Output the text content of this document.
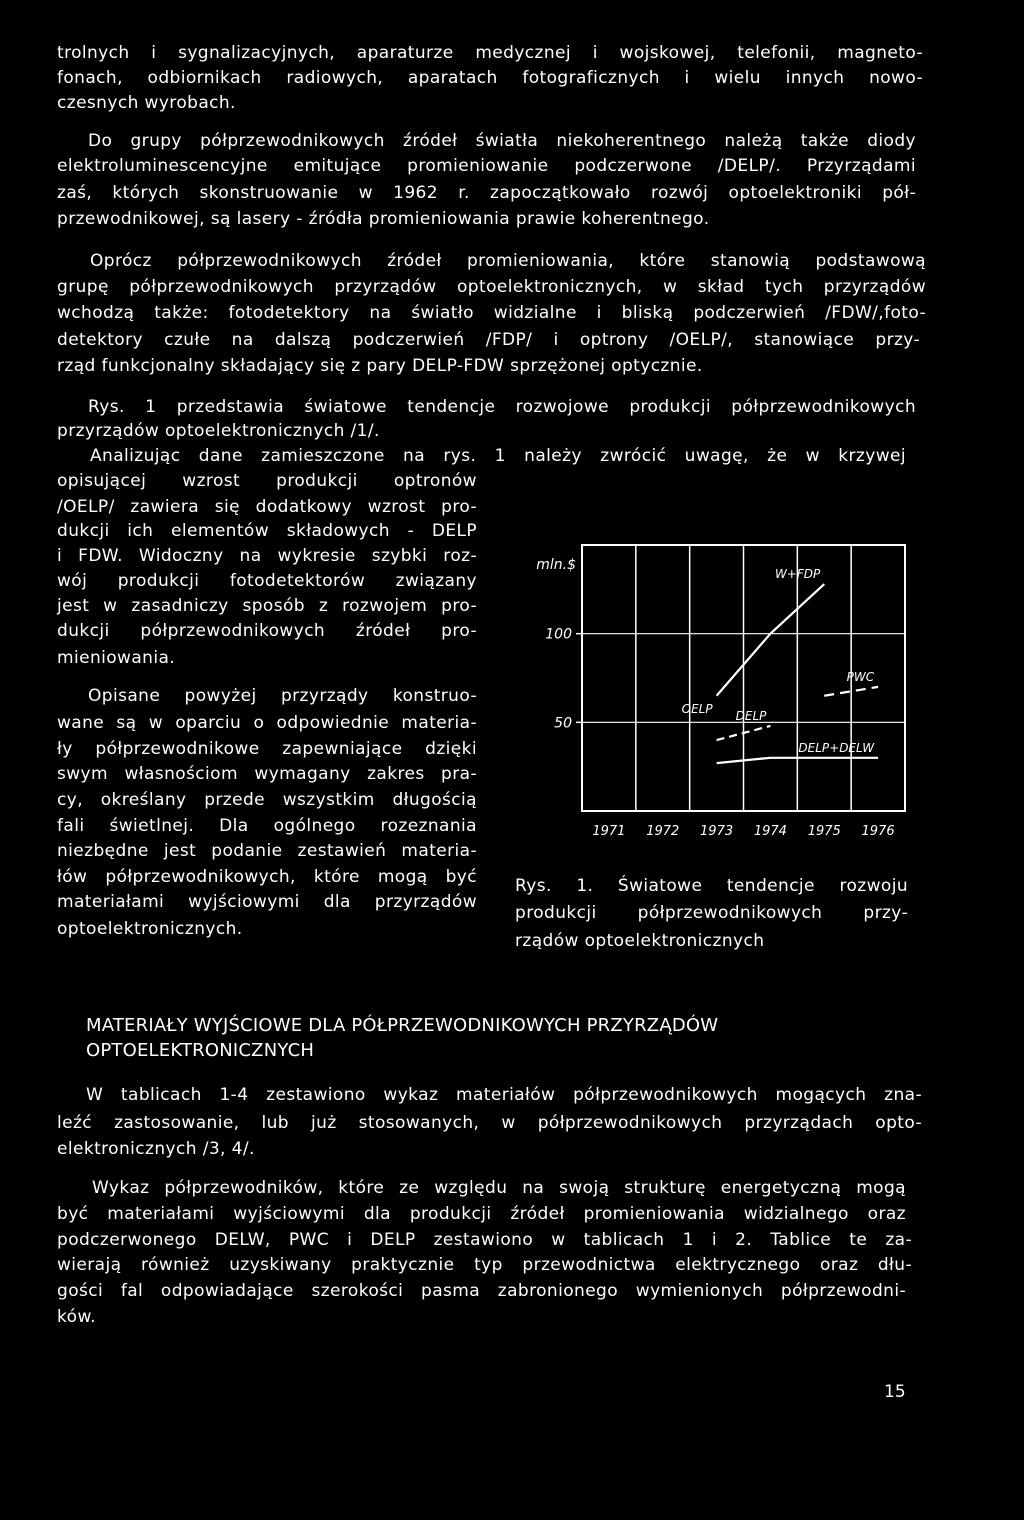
trolnych i sygnalizacyjnych, aparaturze medycznej i wojskowej, telefonii, magneto-
fonach, odbiornikach radiowych, aparatach fotograficznych i wielu innych nowo-
czesnych wyrobach.
Do grupy półprzewodnikowych źródeł światła niekoherentnego należą także diody
elektroluminescencyjne emitujące promieniowanie podczerwone /DELP/. Przyrządami
zaś, których skonstruowanie w 1962 r. zapoczątkowało rozwój optoelektroniki pół-
przewodnikowej, są lasery - źródła promieniowania prawie koherentnego.
Oprócz półprzewodnikowych źródeł promieniowania, które stanowią podstawową
grupę półprzewodnikowych przyrządów optoelektronicznych, w skład tych przyrządów
wchodzą także: fotodetektory na światło widzialne i bliską podczerwień /FDW/,foto-
detektory czułe na dalszą podczerwień /FDP/ i optrony /OELP/, stanowiące przy-
rząd funkcjonalny składający się z pary DELP-FDW sprzężonej optycznie.
Rys. 1 przedstawia światowe tendencje rozwojowe produkcji półprzewodnikowych
przyrządów optoelektronicznych /1/.
Analizując dane zamieszczone na rys. 1 należy zwrócić uwagę, że w krzywej
opisującej wzrost produkcji optronów
/OELP/ zawiera się dodatkowy wzrost pro-
dukcji ich elementów składowych - DELP
i FDW. Widoczny na wykresie szybki roz-
wój produkcji fotodetektorów związany
jest w zasadniczy sposób z rozwojem pro-
dukcji półprzewodnikowych źródeł pro-
mieniowania.
Opisane powyżej przyrządy konstruo-
wane są w oparciu o odpowiednie materia-
ły półprzewodnikowe zapewniające dzięki
swym własnościom wymagany zakres pra-
cy, określany przede wszystkim długością
fali świetlnej. Dla ogólnego rozeznania
niezbędne jest podanie zestawień materia-
łów półprzewodnikowych, które mogą być
materiałami wyjściowymi dla przyrządów
optoelektronicznych.
100
50
mln.$
1971 1972 1973 1974 1975 1976
W+FDP
PWC
DELP
DELP+DELW
OELP
Rys. 1. Światowe tendencje rozwoju
produkcji półprzewodnikowych przy-
rządów optoelektronicznych
MATERIAŁY WYJŚCIOWE DLA PÓŁPRZEWODNIKOWYCH PRZYRZĄDÓW
OPTOELEKTRONICZNYCH
W tablicach 1-4 zestawiono wykaz materiałów półprzewodnikowych mogących zna-
leźć zastosowanie, lub już stosowanych, w półprzewodnikowych przyrządach opto-
elektronicznych /3, 4/.
Wykaz półprzewodników, które ze względu na swoją strukturę energetyczną mogą
być materiałami wyjściowymi dla produkcji źródeł promieniowania widzialnego oraz
podczerwonego DELW, PWC i DELP zestawiono w tablicach 1 i 2. Tablice te za-
wierają również uzyskiwany praktycznie typ przewodnictwa elektrycznego oraz dłu-
gości fal odpowiadające szerokości pasma zabronionego wymienionych półprzewodni-
ków.
15
